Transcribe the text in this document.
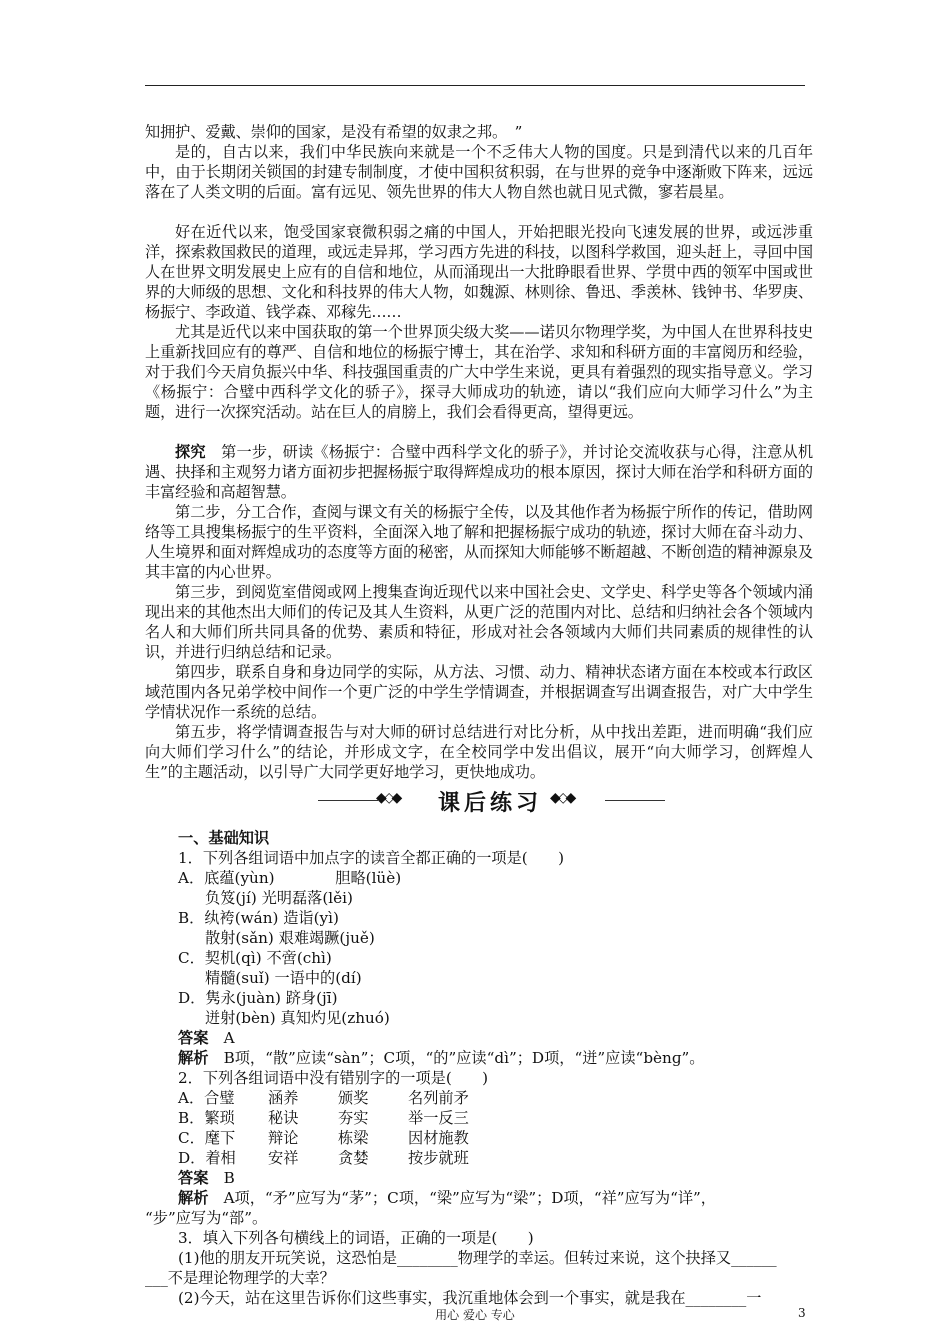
知拥护、爱戴、崇仰的国家，是没有希望的奴隶之邦。　”

是的，自古以来，我们中华民族向来就是一个不乏伟大人物的国度。只是到清代以来的几百年中，由于长期闭关锁国的封建专制制度，才使中国积贫积弱，在与世界的竞争中逐渐败下阵来，远远落在了人类文明的后面。富有远见、领先世界的伟大人物自然也就日见式微，寥若晨星。

好在近代以来，饱受国家衰微积弱之痛的中国人，开始把眼光投向飞速发展的世界，或远涉重洋，探索救国救民的道理，或远走异邦，学习西方先进的科技，以图科学救国，迎头赶上，寻回中国人在世界文明发展史上应有的自信和地位，从而涌现出一大批睁眼看世界、学贯中西的领军中国或世界的大师级的思想、文化和科技界的伟大人物，如魏源、林则徐、鲁迅、季羡林、钱钟书、华罗庚、杨振宁、李政道、钱学森、邓稼先……

尤其是近代以来中国获取的第一个世界顶尖级大奖——诺贝尔物理学奖，为中国人在世界科技史上重新找回应有的尊严、自信和地位的杨振宁博士，其在治学、求知和科研方面的丰富阅历和经验，对于我们今天肩负振兴中华、科技强国重责的广大中学生来说，更具有着强烈的现实指导意义。学习《杨振宁：合璧中西科学文化的骄子》，探寻大师成功的轨迹，请以“我们应向大师学习什么”为主题，进行一次探究活动。站在巨人的肩膀上，我们会看得更高，望得更远。

探究　第一步，研读《杨振宁：合璧中西科学文化的骄子》，并讨论交流收获与心得，注意从机遇、抉择和主观努力诸方面初步把握杨振宁取得辉煌成功的根本原因，探讨大师在治学和科研方面的丰富经验和高超智慧。

第二步，分工合作，查阅与课文有关的杨振宁全传，以及其他作者为杨振宁所作的传记，借助网络等工具搜集杨振宁的生平资料，全面深入地了解和把握杨振宁成功的轨迹，探讨大师在奋斗动力、人生境界和面对辉煌成功的态度等方面的秘密，从而探知大师能够不断超越、不断创造的精神源泉及其丰富的内心世界。

第三步，到阅览室借阅或网上搜集查询近现代以来中国社会史、文学史、科学史等各个领域内涌现出来的其他杰出大师们的传记及其人生资料，从更广泛的范围内对比、总结和归纳社会各个领域内名人和大师们所共同具备的优势、素质和特征，形成对社会各领域内大师们共同素质的规律性的认识，并进行归纳总结和记录。

第四步，联系自身和身边同学的实际，从方法、习惯、动力、精神状态诸方面在本校或本行政区域范围内各兄弟学校中间作一个更广泛的中学生学情调查，并根据调查写出调查报告，对广大中学生学情状况作一系统的总结。

第五步，将学情调查报告与对大师的研讨总结进行对比分析，从中找出差距，进而明确“我们应向大师们学习什么”的结论，并形成文字，在全校同学中发出倡议，展开“向大师学习，创辉煌人生”的主题活动，以引导广大同学更好地学习，更快地成功。

◆◇◆	课后练习 ◆◇◆

一、基础知识

1．下列各组词语中加点字的读音全都正确的一项是(　　)

A．底蕴(yùn)　　　　胆略(lüè)

负笈(jí) 光明磊落(lěi)

B．纨袴(wán) 造诣(yì)

散射(sǎn) 艰难竭蹶(juě)

C．契机(qì) 不啻(chì)

精髓(suǐ) 一语中的(dí)

D．隽永(juàn) 跻身(jī)

迸射(bèn) 真知灼见(zhuó)

答案　 A

解析　 B项，“散”应读“sàn”；C项，“的”应读“dì”；D项，“迸”应读“bènɡ”。

2．下列各组词语中没有错别字的一项是(　　)

A．合璧 涵养	颁奖	名列前矛

B．繁琐 秘诀	夯实	举一反三

C．麾下 辩论	栋梁	因材施教

D．着相 安祥	贪婪	按步就班

答案　 B

解析　 A项，“矛”应写为“茅”；C项，“梁”应写为“梁”；D项，“祥”应写为“详”，

“步”应写为“部”。

3．填入下列各句横线上的词语，正确的一项是(　　)

(1)他的朋友开玩笑说，这恐怕是________物理学的幸运。但转过来说，这个抉择又______

___不是理论物理学的大幸？

(2)今天，站在这里告诉你们这些事实，我沉重地体会到一个事实，就是我在________一

用心 爱心 专心	3
